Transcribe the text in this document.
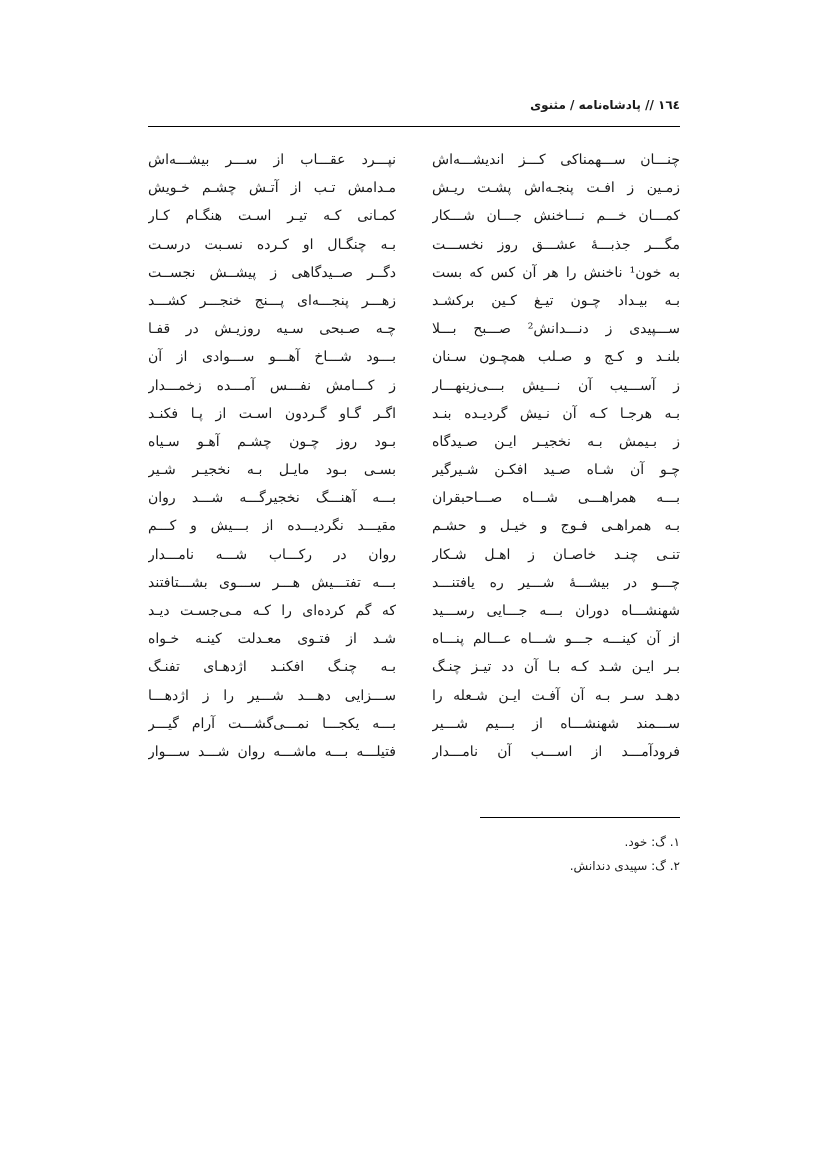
١٦٤ // پادشاه‌نامه / مثنوی
چنـــان ســـهمناکی کـــز اندیشـــه‌اش
نپـــرد عقـــاب از ســـر بیشـــه‌اش
زمـین ز افـت پنجـه‌اش پشـت ریـش
مـدامش تـب از آتـش چشـم خـویش
کمـــان خـــم نـــاخنش جـــان شـــکار
کمـانی کـه تیـر اسـت هنگـام کـار
مگـــر جذبـــهٔ عشـــق روز نخســـت
بـه چنگـال او کـرده نسـبت درسـت
به خون¹ ناخنش را هر آن کس که بست
دگــر صــیدگاهی ز پیشــش نجســت
بـه بیـداد چـون تیـغ کـین برکشـد
زهـــر پنجـــه‌ای پـــنج خنجـــر کشـــد
ســـپیدی ز دنـــدانش² صـــبح بـــلا
چـه صـبحی سـیه روزیـش در قفـا
بلنـد و کـج و صـلب همچـون سـنان
بـــود شـــاخ آهـــو ســـوادی از آن
ز آســـیب آن نـــیش بـــی‌زینهـــار
ز کـــامش نفـــس آمـــده زخمـــدار
بـه هرجـا کـه آن نـیش گردیـده بنـد
اگـر گـاو گـردون اسـت از پـا فکنـد
ز بـیمش بـه نخجیـر ایـن صـیدگاه
بـود روز چـون چشـم آهـو سـیاه
چـو آن شـاه صـید افکـن شـیرگیر
بسـی بـود مایـل بـه نخجیـر شـیر
بـــه همراهـــی شـــاه صـــاحبقران
بـــه آهنـــگ نخجیرگـــه شـــد روان
بـه همراهـی فـوج و خیـل و حشـم
مقیـــد نگردیـــده از بـــیش و کـــم
تنـی چنـد خاصـان ز اهـل شـکار
روان در رکـــاب شـــه نامـــدار
چـــو در بیشـــهٔ شـــیر ره یافتنـــد
بـــه تفتـــیش هـــر ســـوی بشـــتافتند
شهنشـــاه دوران بـــه جـــایی رســـید
که گم کرده‌ای را کـه مـی‌جسـت دیـد
از آن کینـــه جـــو شـــاه عـــالم پنـــاه
شـد از فتـوی معـدلت کینـه خـواه
بـر ایـن شـد کـه بـا آن دد تیـز چنـگ
بـه چنـگ افکنـد اژدهـای تفنـگ
دهـد سـر بـه آن آفـت ایـن شـعله را
ســـزایی دهـــد شـــیر را ز اژدهـــا
ســـمند شهنشـــاه از بـــیم شـــیر
بـــه یکجـــا نمـــی‌گشـــت آرام گیـــر
فرودآمـــد از اســـب آن نامـــدار
فتیلـــه بـــه ماشـــه روان شـــد ســـوار
۱. گ: خود.
۲. گ: سپیدی دندانش.
